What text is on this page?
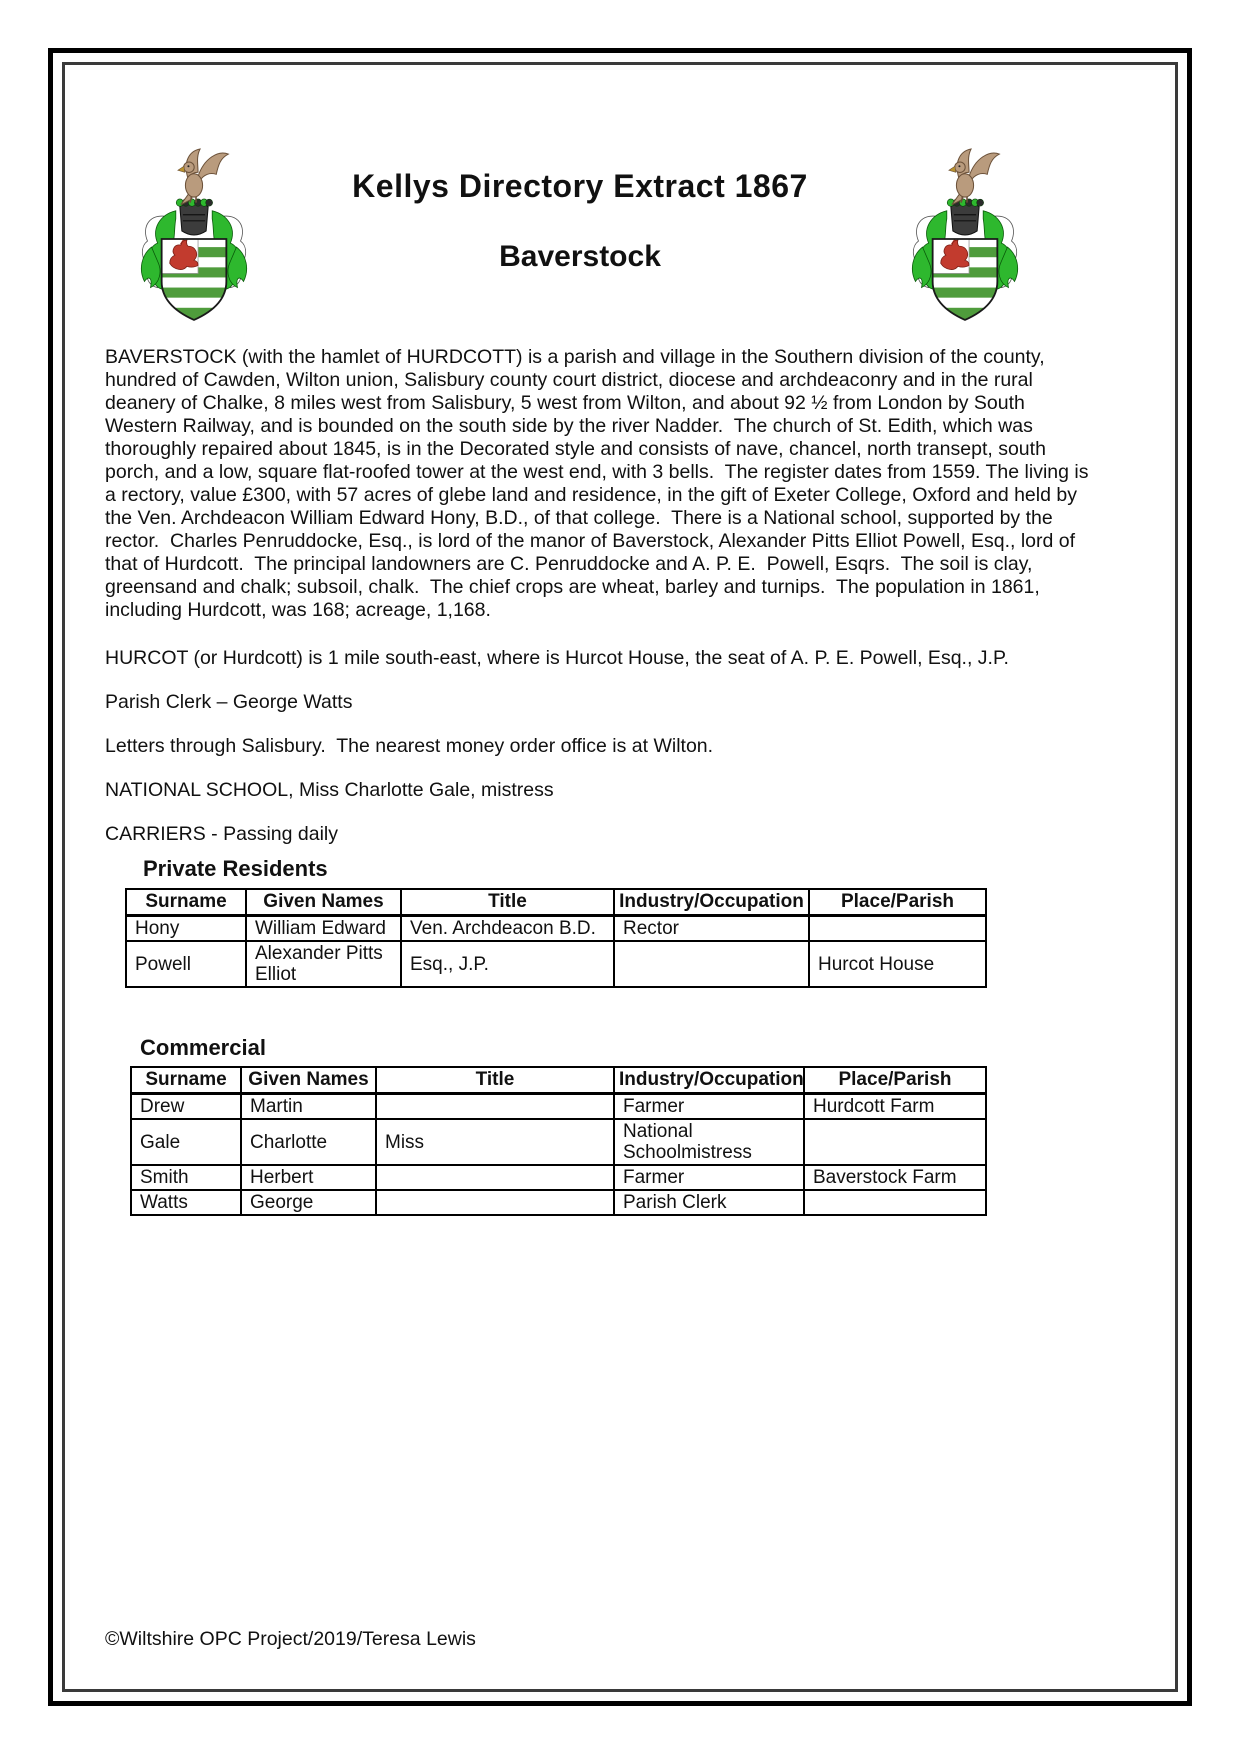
Kellys Directory Extract 1867
Baverstock

BAVERSTOCK (with the hamlet of HURDCOTT) is a parish and village in the Southern division of the county, hundred of Cawden, Wilton union, Salisbury county court district, diocese and archdeaconry and in the rural deanery of Chalke, 8 miles west from Salisbury, 5 west from Wilton, and about 92 ½ from London by South Western Railway, and is bounded on the south side by the river Nadder.  The church of St. Edith, which was thoroughly repaired about 1845, is in the Decorated style and consists of nave, chancel, north transept, south porch, and a low, square flat-roofed tower at the west end, with 3 bells.  The register dates from 1559. The living is a rectory, value £300, with 57 acres of glebe land and residence, in the gift of Exeter College, Oxford and held by the Ven. Archdeacon William Edward Hony, B.D., of that college.  There is a National school, supported by the rector.  Charles Penruddocke, Esq., is lord of the manor of Baverstock, Alexander Pitts Elliot Powell, Esq., lord of that of Hurdcott.  The principal landowners are C. Penruddocke and A. P. E.  Powell, Esqrs.  The soil is clay, greensand and chalk; subsoil, chalk.  The chief crops are wheat, barley and turnips.  The population in 1861, including Hurdcott, was 168; acreage, 1,168.

HURCOT (or Hurdcott) is 1 mile south-east, where is Hurcot House, the seat of A. P. E. Powell, Esq., J.P.

Parish Clerk – George Watts

Letters through Salisbury.  The nearest money order office is at Wilton.

NATIONAL SCHOOL, Miss Charlotte Gale, mistress

CARRIERS - Passing daily

Private Residents
Surname	Given Names	Title	Industry/Occupation	Place/Parish
Hony	William Edward	Ven. Archdeacon B.D.	Rector	
Powell	Alexander Pitts Elliot	Esq., J.P.		Hurcot House
Commercial
Surname	Given Names	Title	Industry/Occupation	Place/Parish
Drew	Martin		Farmer	Hurdcott Farm
Gale	Charlotte	Miss	National Schoolmistress	
Smith	Herbert		Farmer	Baverstock Farm
Watts	George		Parish Clerk	
©Wiltshire OPC Project/2019/Teresa Lewis
